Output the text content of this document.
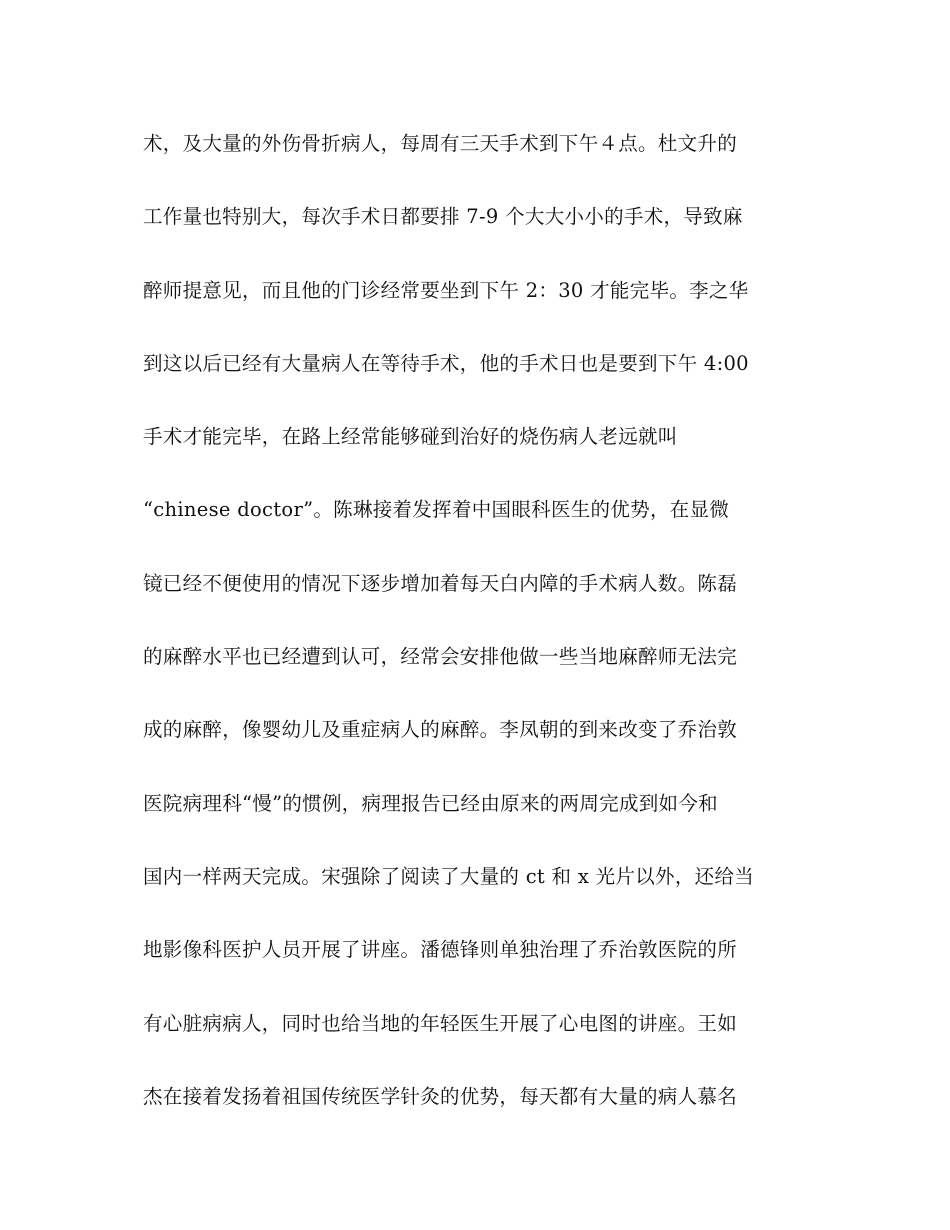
术，及大量的外伤骨折病人，每周有三天手术到下午４点。杜文升的
工作量也特别大，每次手术日都要排 7-9 个大大小小的手术，导致麻
醉师提意见，而且他的门诊经常要坐到下午 2：30 才能完毕。李之华
到这以后已经有大量病人在等待手术，他的手术日也是要到下午 4:00
手术才能完毕，在路上经常能够碰到治好的烧伤病人老远就叫
“chinese doctor”。陈琳接着发挥着中国眼科医生的优势，在显微
镜已经不便使用的情况下逐步增加着每天白内障的手术病人数。陈磊
的麻醉水平也已经遭到认可，经常会安排他做一些当地麻醉师无法完
成的麻醉，像婴幼儿及重症病人的麻醉。李凤朝的到来改变了乔治敦
医院病理科“慢”的惯例，病理报告已经由原来的两周完成到如今和
国内一样两天完成。宋强除了阅读了大量的 ct 和 x 光片以外，还给当
地影像科医护人员开展了讲座。潘德锋则单独治理了乔治敦医院的所
有心脏病病人，同时也给当地的年轻医生开展了心电图的讲座。王如
杰在接着发扬着祖国传统医学针灸的优势，每天都有大量的病人慕名
